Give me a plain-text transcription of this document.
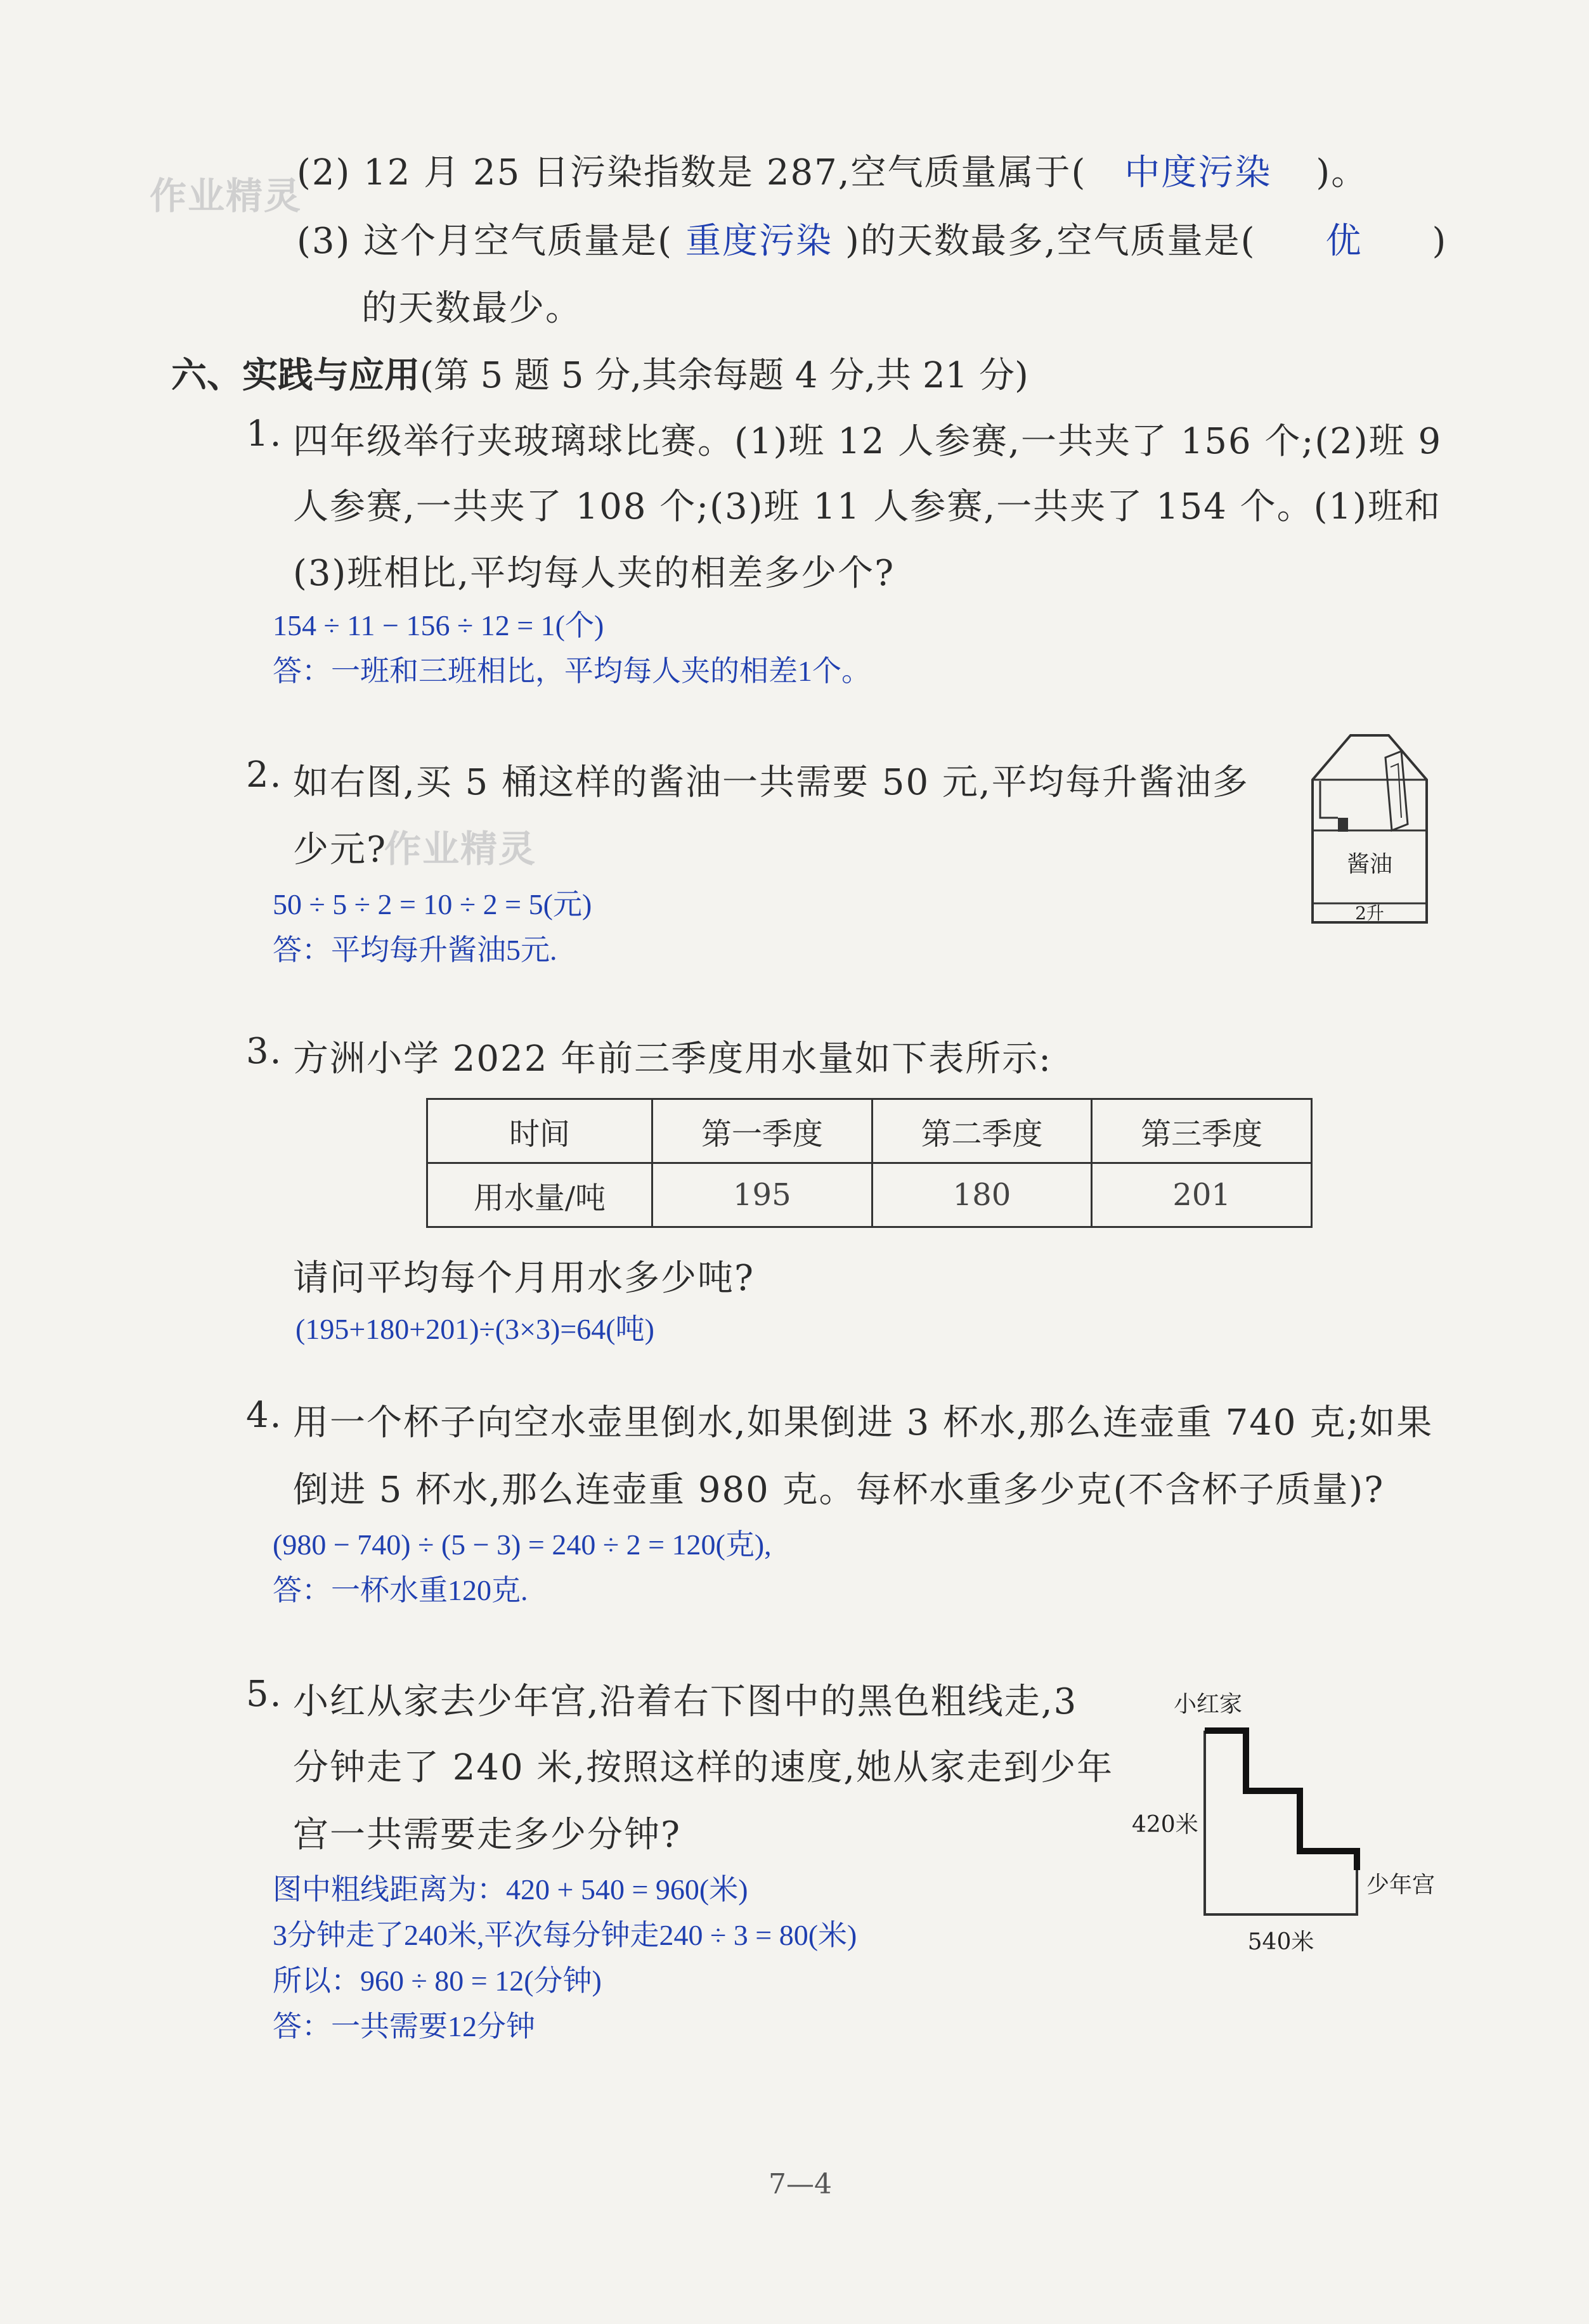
作业精灵
作业精灵
(2) 12 月 25 日污染指数是 287,空气质量属于( 中度污染 )。
(3) 这个月空气质量是( 重度污染 )的天数最多,空气质量是( 优 )
的天数最少。
六、实践与应用(第 5 题 5 分,其余每题 4 分,共 21 分)
1. 四年级举行夹玻璃球比赛。(1)班 12 人参赛,一共夹了 156 个;(2)班 9
人参赛,一共夹了 108 个;(3)班 11 人参赛,一共夹了 154 个。(1)班和
(3)班相比,平均每人夹的相差多少个?
154 ÷ 11 − 156 ÷ 12 = 1(个)
答：一班和三班相比，平均每人夹的相差1个。
2. 如右图,买 5 桶这样的酱油一共需要 50 元,平均每升酱油多
少元?
50 ÷ 5 ÷ 2 = 10 ÷ 2 = 5(元)
答：平均每升酱油5元.
酱油
2升
3. 方洲小学 2022 年前三季度用水量如下表所示:
时间	第一季度	第二季度	第三季度
用水量/吨	195	180	201
请问平均每个月用水多少吨?
(195+180+201)÷(3×3)=64(吨)
4. 用一个杯子向空水壶里倒水,如果倒进 3 杯水,那么连壶重 740 克;如果
倒进 5 杯水,那么连壶重 980 克。每杯水重多少克(不含杯子质量)?
(980 − 740) ÷ (5 − 3) = 240 ÷ 2 = 120(克),
答：一杯水重120克.
5. 小红从家去少年宫,沿着右下图中的黑色粗线走,3
分钟走了 240 米,按照这样的速度,她从家走到少年
宫一共需要走多少分钟?
图中粗线距离为：420 + 540 = 960(米)
3分钟走了240米,平次每分钟走240 ÷ 3 = 80(米)
所以：960 ÷ 80 = 12(分钟)
答：一共需要12分钟
小红家
420米
少年宫
540米
7—4
